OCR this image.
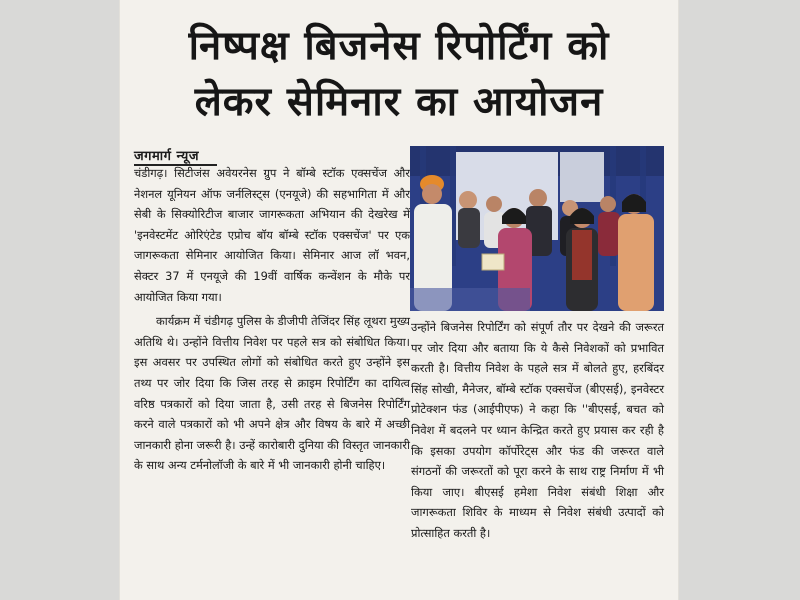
निष्पक्ष बिजनेस रिपोर्टिंग को
लेकर सेमिनार का आयोजन
जगमार्ग न्यूज

चंडीगढ़। सिटीजंस अवेयरनेस ग्रुप ने बॉम्बे स्टॉक एक्सचेंज और नेशनल यूनियन ऑफ जर्नलिस्ट्स (एनयूजे) की सहभागिता में और सेबी के सिक्योरिटीज बाजार जागरूकता अभियान की देखरेख में 'इनवेस्टमेंट ओरिएंटेड एप्रोच बॉय बॉम्बे स्टॉक एक्सचेंज' पर एक जागरूकता सेमिनार आयोजित किया। सेमिनार आज लॉ भवन, सेक्टर 37 में एनयूजे की 19वीं वार्षिक कन्वेंशन के मौके पर आयोजित किया गया।

कार्यक्रम में चंडीगढ़ पुलिस के डीजीपी तेजिंदर सिंह लूथरा मुख्य अतिथि थे। उन्होंने वित्तीय निवेश पर पहले सत्र को संबोधित किया। इस अवसर पर उपस्थित लोगों को संबोधित करते हुए उन्होंने इस तथ्य पर जोर दिया कि जिस तरह से क्राइम रिपोर्टिंग का दायित्व वरिष्ठ पत्रकारों को दिया जाता है, उसी तरह से बिजनेस रिपोर्टिंग करने वाले पत्रकारों को भी अपने क्षेत्र और विषय के बारे में अच्छी जानकारी होना जरूरी है। उन्हें कारोबारी दुनिया की विस्तृत जानकारी के साथ अन्य टर्मनोलॉजी के बारे में भी जानकारी होनी चाहिए।

उन्होंने बिजनेस रिपोर्टिंग को संपूर्ण तौर पर देखने की जरूरत पर जोर दिया और बताया कि ये कैसे निवेशकों को प्रभावित करती है। वित्तीय निवेश के पहले सत्र में बोलते हुए, हरबिंदर सिंह सोखी, मैनेजर, बॉम्बे स्टॉक एक्सचेंज (बीएसई), इनवेस्टर प्रोटेक्शन फंड (आईपीएफ) ने कहा कि ''बीएसई, बचत को निवेश में बदलने पर ध्यान केन्द्रित करते हुए प्रयास कर रही है कि इसका उपयोग कॉर्पोरेट्स और फंड की जरूरत वाले संगठनों की जरूरतों को पूरा करने के साथ राष्ट्र निर्माण में भी किया जाए। बीएसई हमेशा निवेश संबंधी शिक्षा और जागरूकता शिविर के माध्यम से निवेश संबंधी उत्पादों को प्रोत्साहित करती है।
